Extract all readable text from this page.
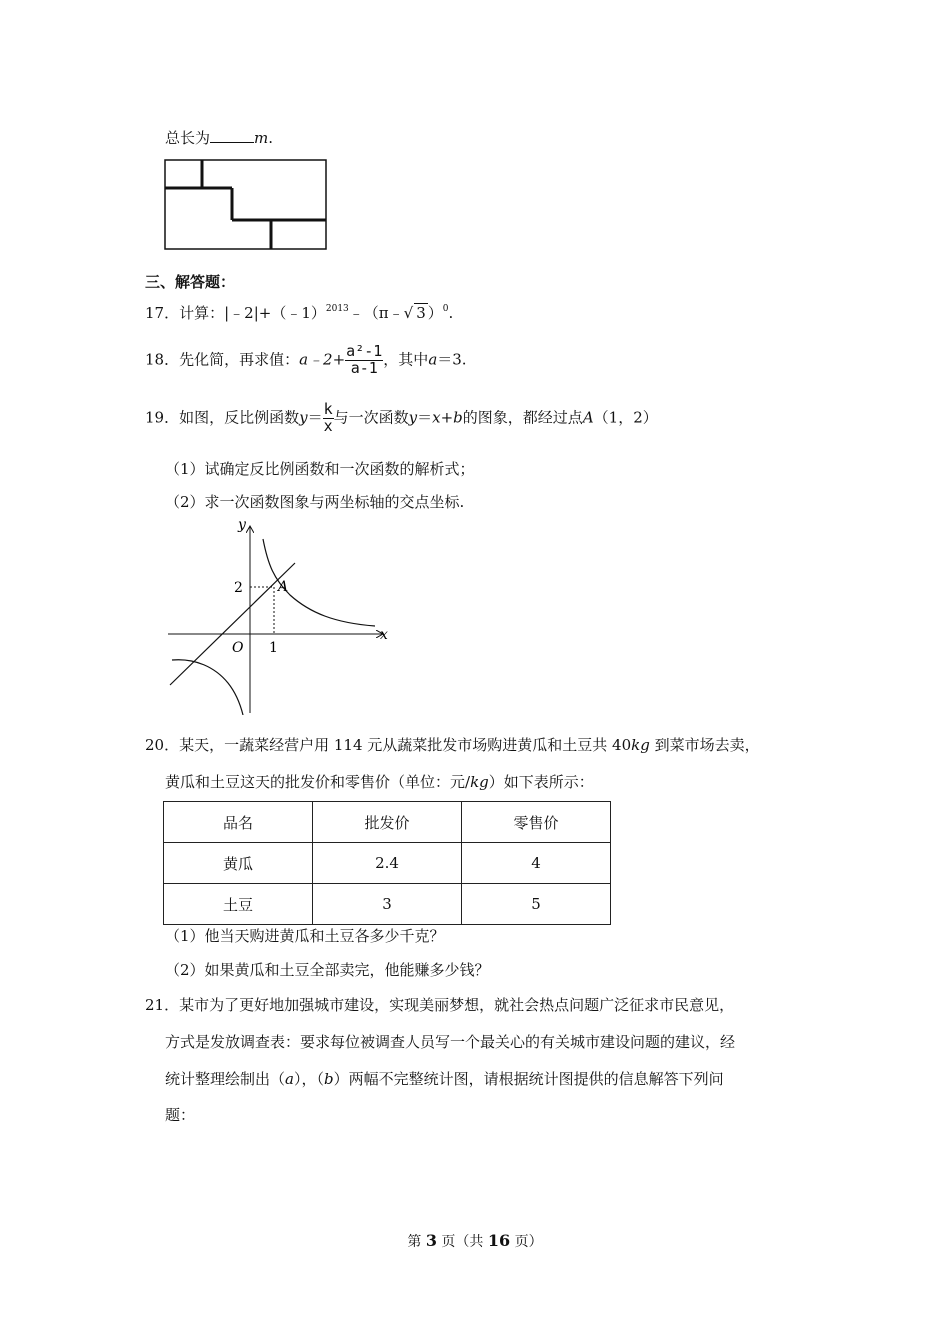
总长为	m.
三、解答题：
17．计算：|﹣2|+（﹣1）$^{2013}$﹣（π﹣√ 3 ）$^0$.
18．先化简，再求值：a﹣2+ $\frac{\text{a²-1}}{a-1}$ ，其中a＝3.
19．如图，反比例函数$y= \frac{k}{x}$ 与一次函数y＝x+b的图象，都经过点A（1，2）
（1）试确定反比例函数和一次函数的解析式；
（2）求一次函数图象与两坐标轴的交点坐标.
y
x
O 1
2	A
20．某天，一蔬菜经营户用 114 元从蔬菜批发市场购进黄瓜和土豆共 40kg 到菜市场去卖，
黄瓜和土豆这天的批发价和零售价（单位：元/kg）如下表所示：
品名	批发价	零售价
黄瓜	2.4	4
土豆	3	5
（1）他当天购进黄瓜和土豆各多少千克？
（2）如果黄瓜和土豆全部卖完，他能赚多少钱？
21．某市为了更好地加强城市建设，实现美丽梦想，就社会热点问题广泛征求市民意见，
方式是发放调查表：要求每位被调查人员写一个最关心的有关城市建设问题的建议，经
统计整理绘制出（a），（b）两幅不完整统计图，请根据统计图提供的信息解答下列问
题：
第 3 页（共 16 页）
